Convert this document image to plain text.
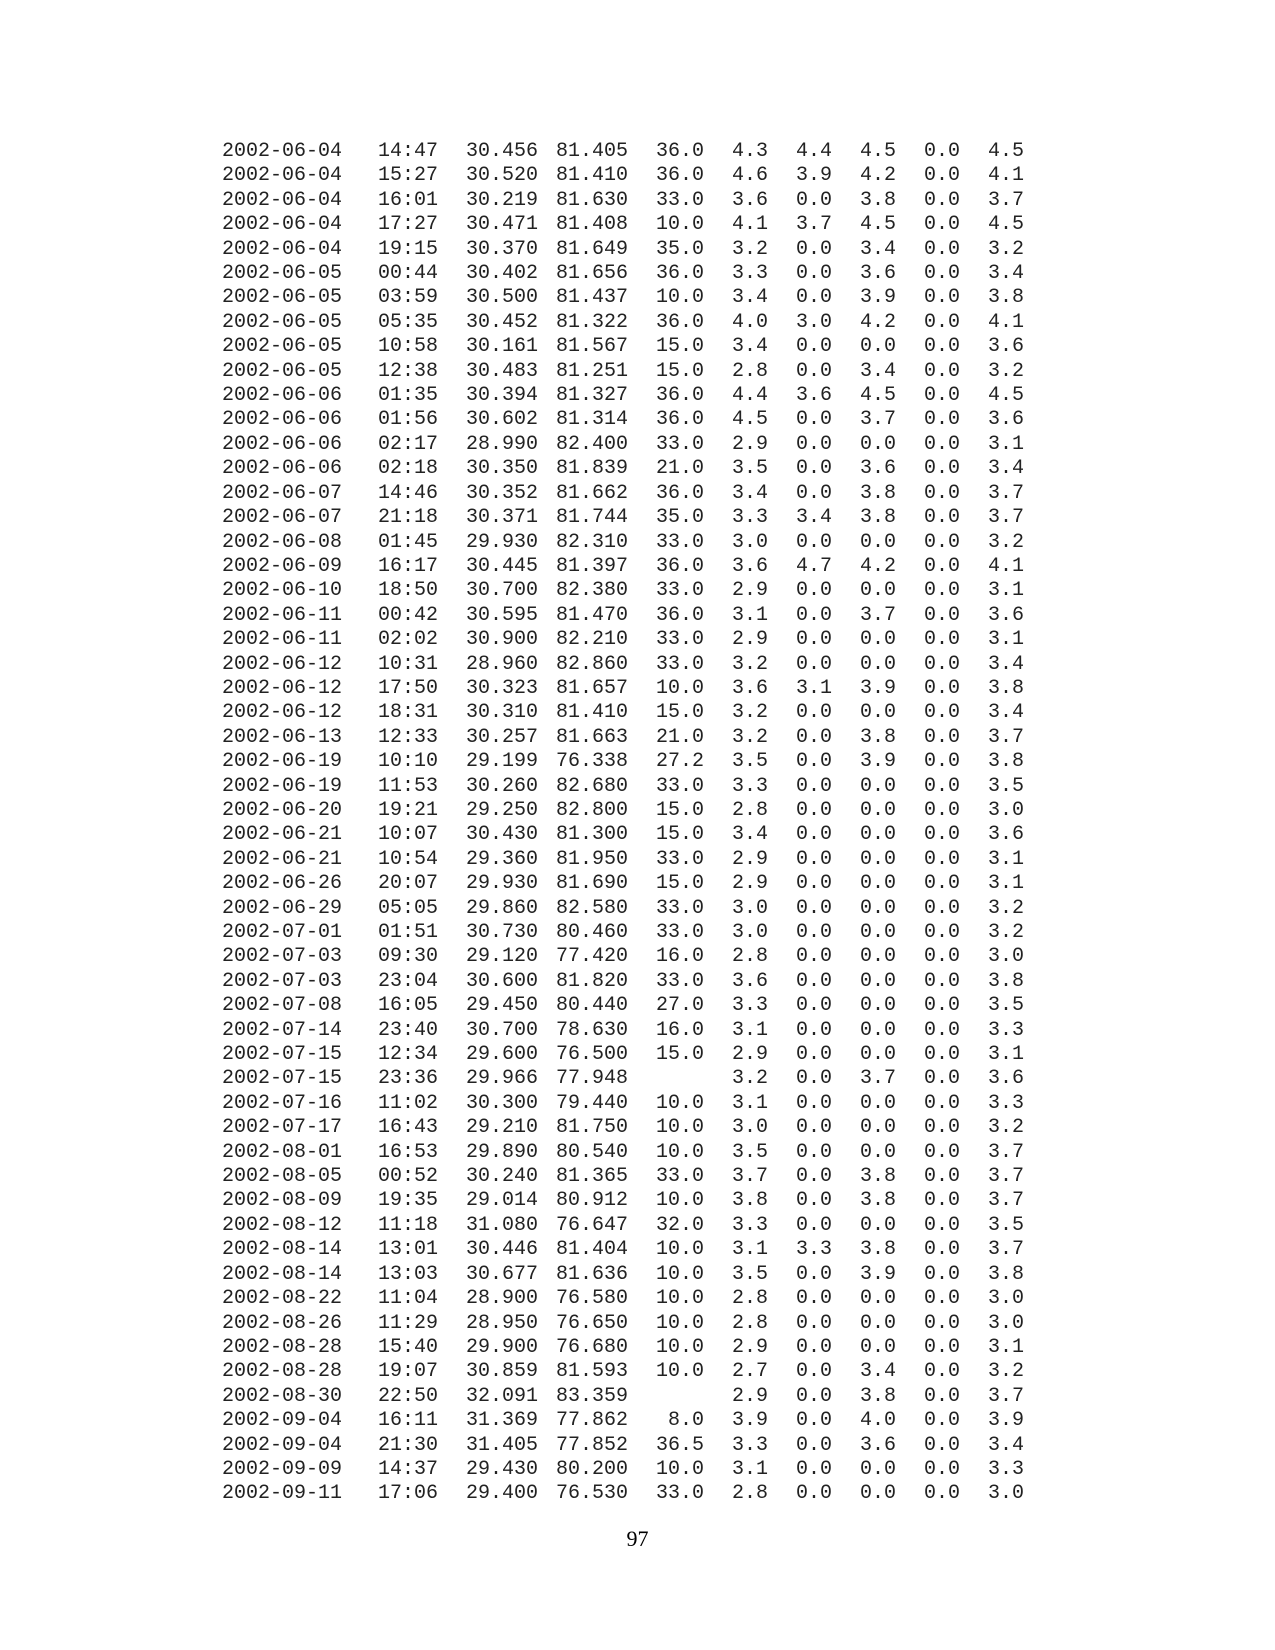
2002-06-04	14:47	30.456	81.405	36.0	4.3	4.4	4.5	0.0	4.5
2002-06-04	15:27	30.520	81.410	36.0	4.6	3.9	4.2	0.0	4.1
2002-06-04	16:01	30.219	81.630	33.0	3.6	0.0	3.8	0.0	3.7
2002-06-04	17:27	30.471	81.408	10.0	4.1	3.7	4.5	0.0	4.5
2002-06-04	19:15	30.370	81.649	35.0	3.2	0.0	3.4	0.0	3.2
2002-06-05	00:44	30.402	81.656	36.0	3.3	0.0	3.6	0.0	3.4
2002-06-05	03:59	30.500	81.437	10.0	3.4	0.0	3.9	0.0	3.8
2002-06-05	05:35	30.452	81.322	36.0	4.0	3.0	4.2	0.0	4.1
2002-06-05	10:58	30.161	81.567	15.0	3.4	0.0	0.0	0.0	3.6
2002-06-05	12:38	30.483	81.251	15.0	2.8	0.0	3.4	0.0	3.2
2002-06-06	01:35	30.394	81.327	36.0	4.4	3.6	4.5	0.0	4.5
2002-06-06	01:56	30.602	81.314	36.0	4.5	0.0	3.7	0.0	3.6
2002-06-06	02:17	28.990	82.400	33.0	2.9	0.0	0.0	0.0	3.1
2002-06-06	02:18	30.350	81.839	21.0	3.5	0.0	3.6	0.0	3.4
2002-06-07	14:46	30.352	81.662	36.0	3.4	0.0	3.8	0.0	3.7
2002-06-07	21:18	30.371	81.744	35.0	3.3	3.4	3.8	0.0	3.7
2002-06-08	01:45	29.930	82.310	33.0	3.0	0.0	0.0	0.0	3.2
2002-06-09	16:17	30.445	81.397	36.0	3.6	4.7	4.2	0.0	4.1
2002-06-10	18:50	30.700	82.380	33.0	2.9	0.0	0.0	0.0	3.1
2002-06-11	00:42	30.595	81.470	36.0	3.1	0.0	3.7	0.0	3.6
2002-06-11	02:02	30.900	82.210	33.0	2.9	0.0	0.0	0.0	3.1
2002-06-12	10:31	28.960	82.860	33.0	3.2	0.0	0.0	0.0	3.4
2002-06-12	17:50	30.323	81.657	10.0	3.6	3.1	3.9	0.0	3.8
2002-06-12	18:31	30.310	81.410	15.0	3.2	0.0	0.0	0.0	3.4
2002-06-13	12:33	30.257	81.663	21.0	3.2	0.0	3.8	0.0	3.7
2002-06-19	10:10	29.199	76.338	27.2	3.5	0.0	3.9	0.0	3.8
2002-06-19	11:53	30.260	82.680	33.0	3.3	0.0	0.0	0.0	3.5
2002-06-20	19:21	29.250	82.800	15.0	2.8	0.0	0.0	0.0	3.0
2002-06-21	10:07	30.430	81.300	15.0	3.4	0.0	0.0	0.0	3.6
2002-06-21	10:54	29.360	81.950	33.0	2.9	0.0	0.0	0.0	3.1
2002-06-26	20:07	29.930	81.690	15.0	2.9	0.0	0.0	0.0	3.1
2002-06-29	05:05	29.860	82.580	33.0	3.0	0.0	0.0	0.0	3.2
2002-07-01	01:51	30.730	80.460	33.0	3.0	0.0	0.0	0.0	3.2
2002-07-03	09:30	29.120	77.420	16.0	2.8	0.0	0.0	0.0	3.0
2002-07-03	23:04	30.600	81.820	33.0	3.6	0.0	0.0	0.0	3.8
2002-07-08	16:05	29.450	80.440	27.0	3.3	0.0	0.0	0.0	3.5
2002-07-14	23:40	30.700	78.630	16.0	3.1	0.0	0.0	0.0	3.3
2002-07-15	12:34	29.600	76.500	15.0	2.9	0.0	0.0	0.0	3.1
2002-07-15	23:36	29.966	77.948		3.2	0.0	3.7	0.0	3.6
2002-07-16	11:02	30.300	79.440	10.0	3.1	0.0	0.0	0.0	3.3
2002-07-17	16:43	29.210	81.750	10.0	3.0	0.0	0.0	0.0	3.2
2002-08-01	16:53	29.890	80.540	10.0	3.5	0.0	0.0	0.0	3.7
2002-08-05	00:52	30.240	81.365	33.0	3.7	0.0	3.8	0.0	3.7
2002-08-09	19:35	29.014	80.912	10.0	3.8	0.0	3.8	0.0	3.7
2002-08-12	11:18	31.080	76.647	32.0	3.3	0.0	0.0	0.0	3.5
2002-08-14	13:01	30.446	81.404	10.0	3.1	3.3	3.8	0.0	3.7
2002-08-14	13:03	30.677	81.636	10.0	3.5	0.0	3.9	0.0	3.8
2002-08-22	11:04	28.900	76.580	10.0	2.8	0.0	0.0	0.0	3.0
2002-08-26	11:29	28.950	76.650	10.0	2.8	0.0	0.0	0.0	3.0
2002-08-28	15:40	29.900	76.680	10.0	2.9	0.0	0.0	0.0	3.1
2002-08-28	19:07	30.859	81.593	10.0	2.7	0.0	3.4	0.0	3.2
2002-08-30	22:50	32.091	83.359		2.9	0.0	3.8	0.0	3.7
2002-09-04	16:11	31.369	77.862	8.0	3.9	0.0	4.0	0.0	3.9
2002-09-04	21:30	31.405	77.852	36.5	3.3	0.0	3.6	0.0	3.4
2002-09-09	14:37	29.430	80.200	10.0	3.1	0.0	0.0	0.0	3.3
2002-09-11	17:06	29.400	76.530	33.0	2.8	0.0	0.0	0.0	3.0
97
